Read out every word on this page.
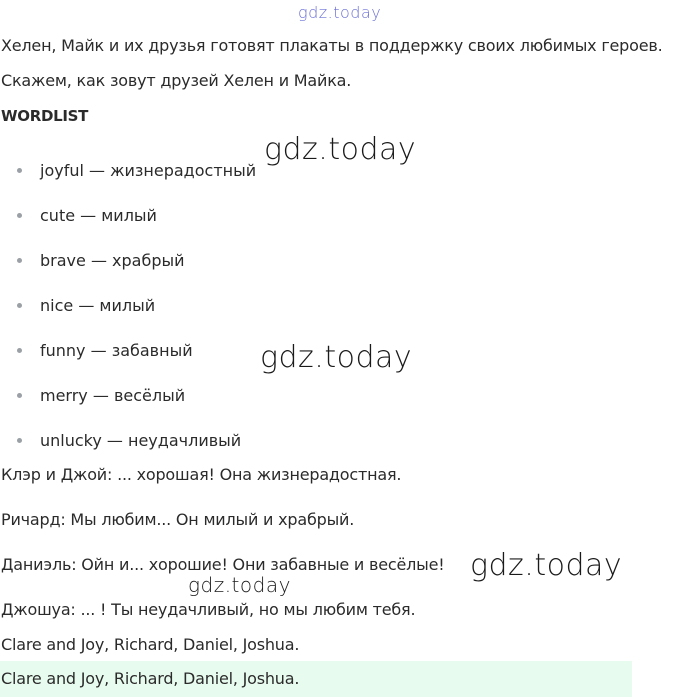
gdz.today
gdz.today
gdz.today
gdz.today
gdz.today
Хелен, Майк и их друзья готовят плакаты в поддержку своих любимых героев.
Скажем, как зовут друзей Хелен и Майка.
WORDLIST
joyful — жизнерадостный
cute — милый
brave — храбрый
nice — милый
funny — забавный
merry — весёлый
unlucky — неудачливый
Клэр и Джой: ... хорошая! Она жизнерадостная.
Ричард: Мы любим... Он милый и храбрый.
Даниэль: Ойн и... хорошие! Они забавные и весёлые!
Джошуа: ... ! Ты неудачливый, но мы любим тебя.
Clare and Joy, Richard, Daniel, Joshua.
Clare and Joy, Richard, Daniel, Joshua.
